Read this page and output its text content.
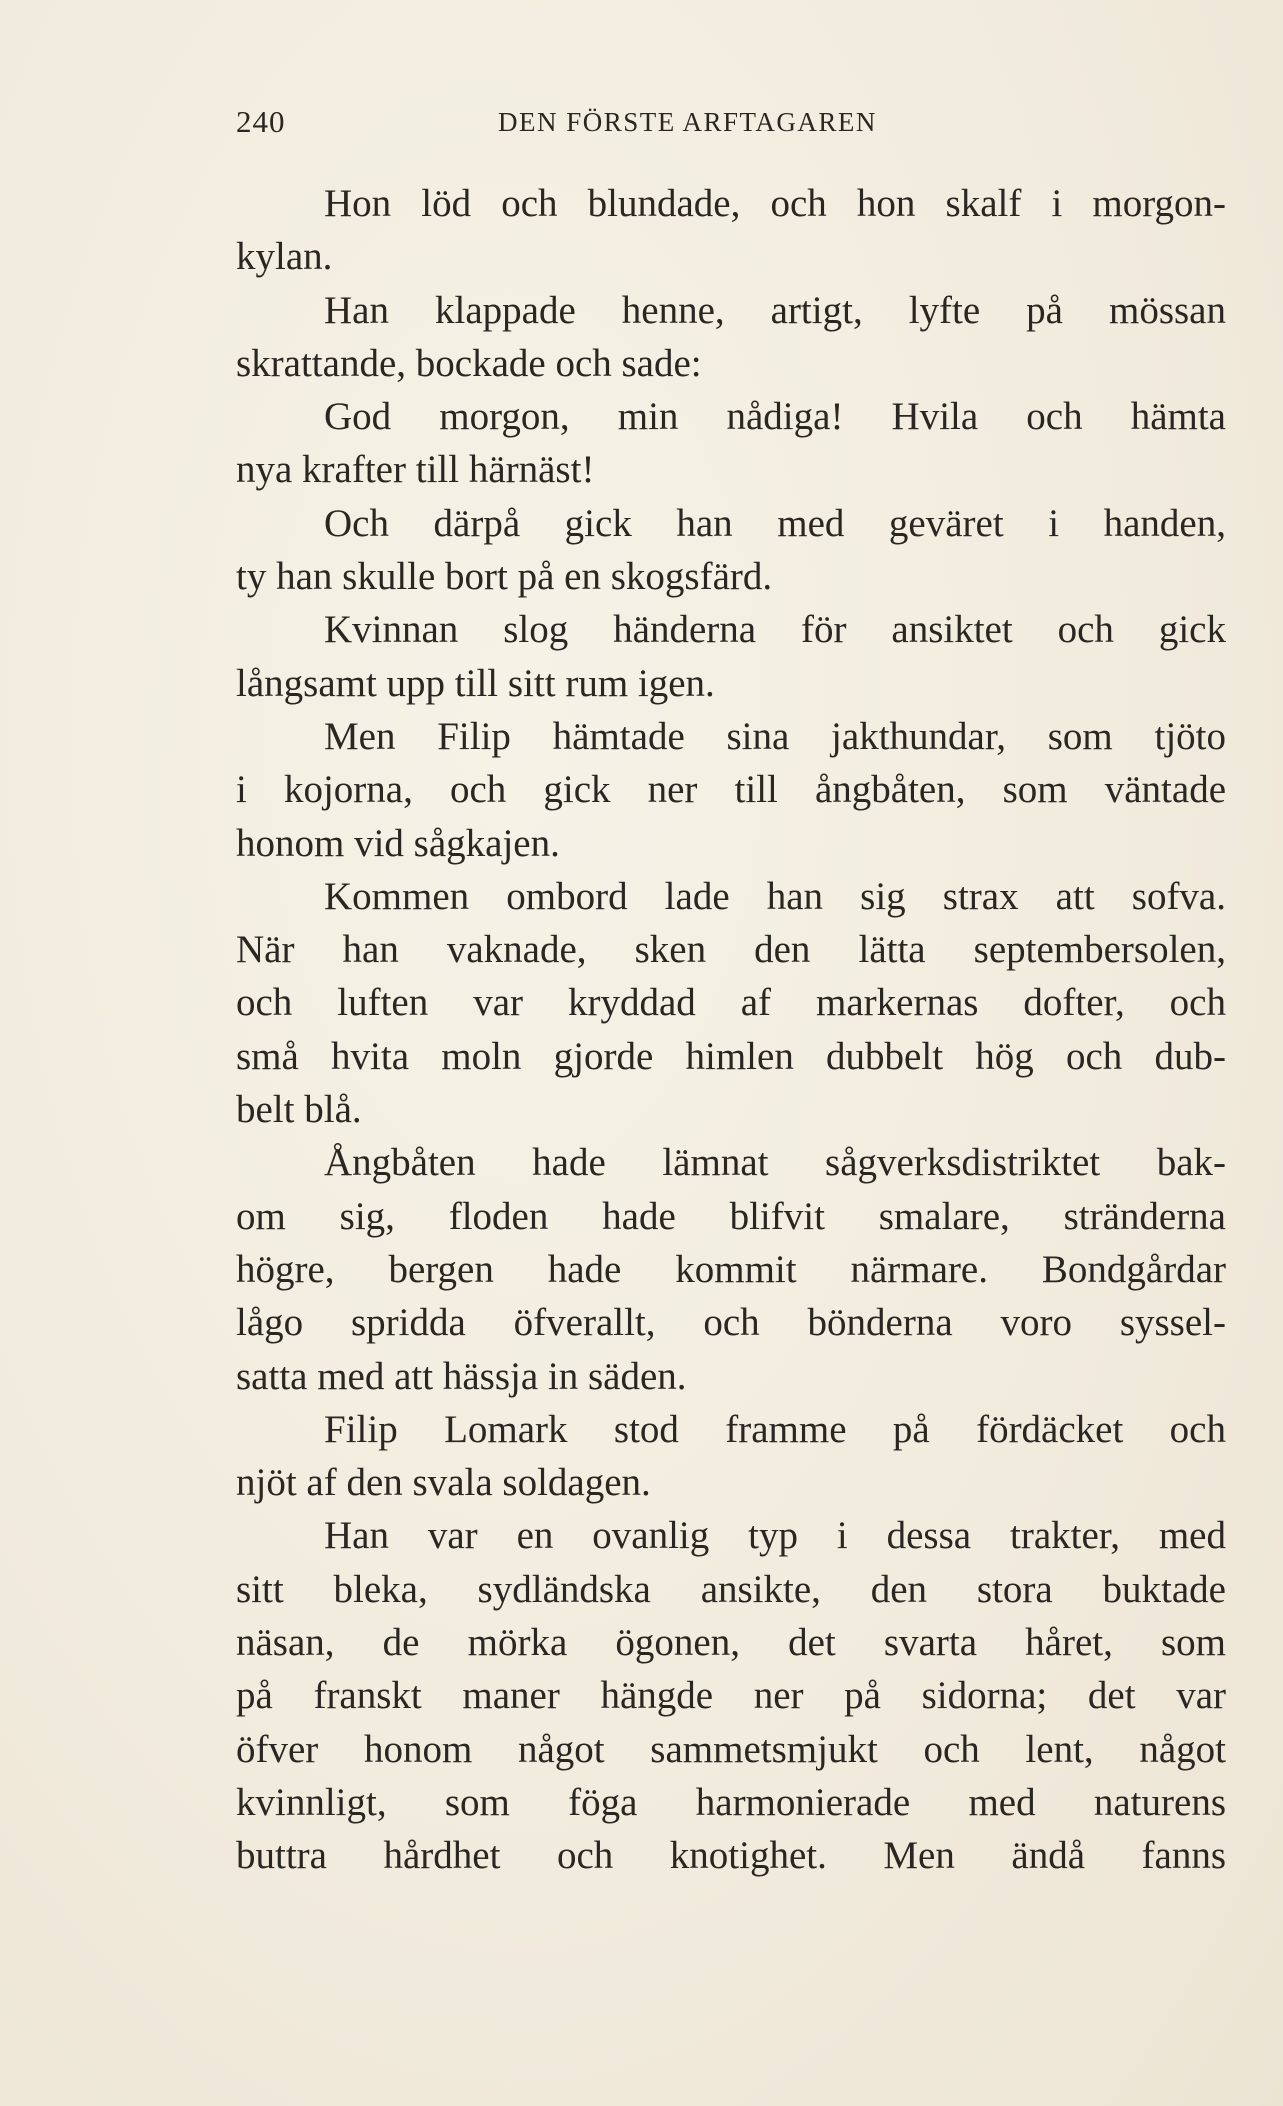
240	DEN FÖRSTE ARFTAGAREN
Hon löd och blundade, och hon skalf i morgon-
kylan.
Han klappade henne, artigt, lyfte på mössan
skrattande, bockade och sade:
God morgon, min nådiga! Hvila och hämta
nya krafter till härnäst!
Och därpå gick han med geväret i handen,
ty han skulle bort på en skogsfärd.
Kvinnan slog händerna för ansiktet och gick
långsamt upp till sitt rum igen.
Men Filip hämtade sina jakthundar, som tjöto
i kojorna, och gick ner till ångbåten, som väntade
honom vid sågkajen.
Kommen ombord lade han sig strax att sofva.
När han vaknade, sken den lätta septembersolen,
och luften var kryddad af markernas dofter, och
små hvita moln gjorde himlen dubbelt hög och dub-
belt blå.
Ångbåten hade lämnat sågverksdistriktet bak-
om sig, floden hade blifvit smalare, stränderna
högre, bergen hade kommit närmare. Bondgårdar
lågo spridda öfverallt, och bönderna voro syssel-
satta med att hässja in säden.
Filip Lomark stod framme på fördäcket och
njöt af den svala soldagen.
Han var en ovanlig typ i dessa trakter, med
sitt bleka, sydländska ansikte, den stora buktade
näsan, de mörka ögonen, det svarta håret, som
på franskt maner hängde ner på sidorna; det var
öfver honom något sammetsmjukt och lent, något
kvinnligt, som föga harmonierade med naturens
buttra hårdhet och knotighet. Men ändå fanns
